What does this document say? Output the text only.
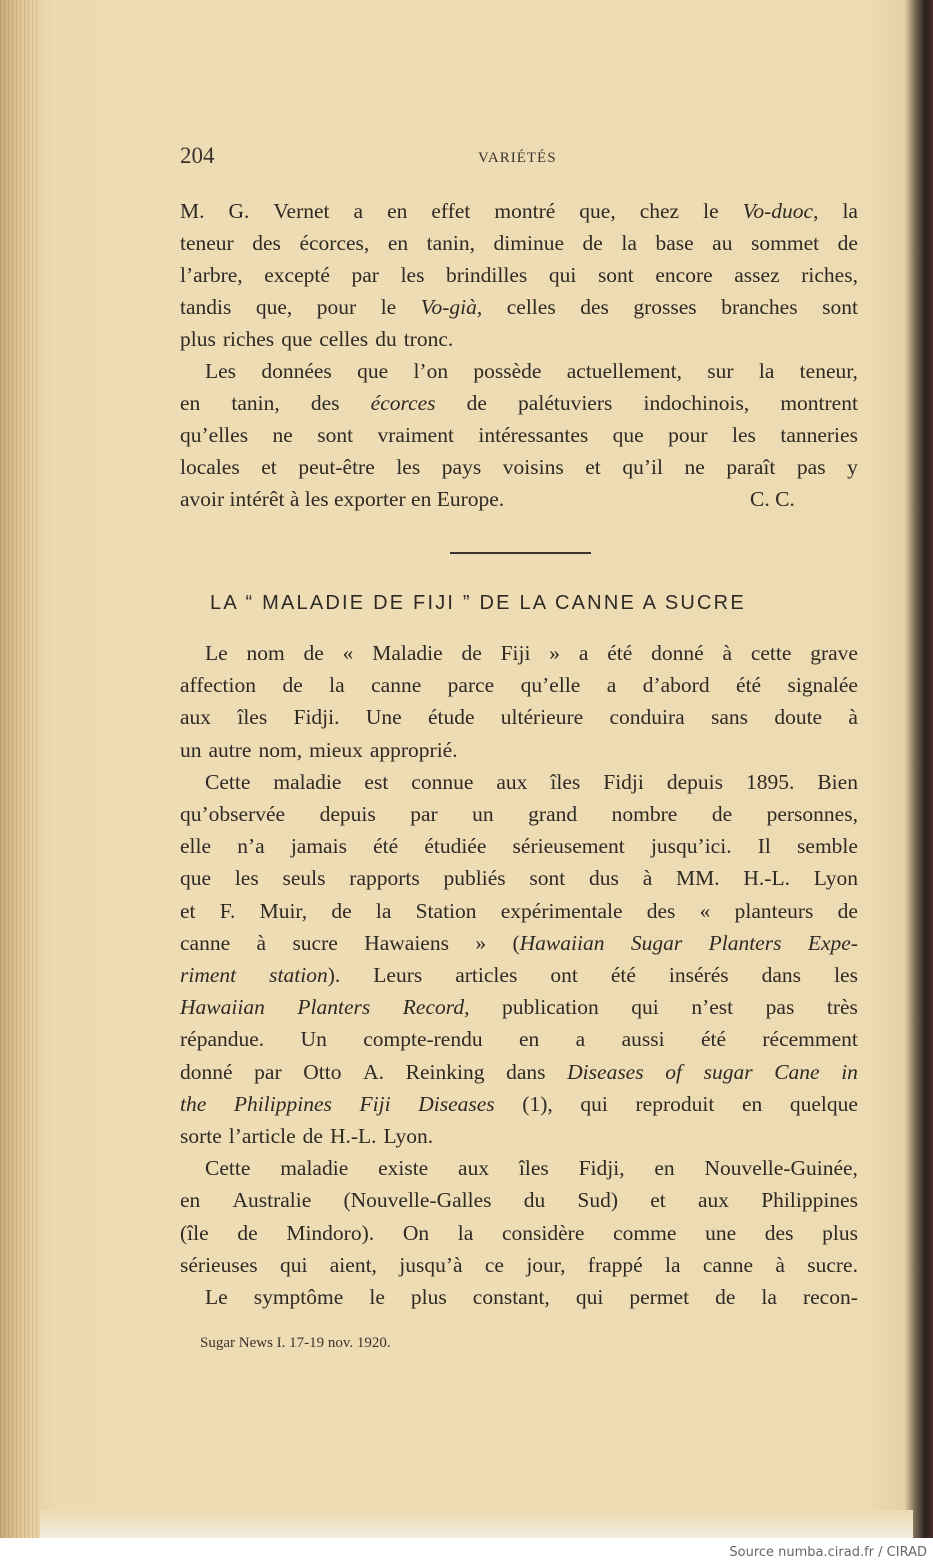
204	VARIÉTÉS
M. G. Vernet a en effet montré que, chez le Vo-duoc, la
teneur des écorces, en tanin, diminue de la base au sommet de
l’arbre, excepté par les brindilles qui sont encore assez riches,
tandis que, pour le Vo-già, celles des grosses branches sont
plus riches que celles du tronc.
Les données que l’on possède actuellement, sur la teneur,
en tanin, des écorces de palétuviers indochinois, montrent
qu’elles ne sont vraiment intéressantes que pour les tanneries
locales et peut-être les pays voisins et qu’il ne paraît pas y
avoir intérêt à les exporter en Europe.	C. C.
LA “ MALADIE DE FIJI ” DE LA CANNE A SUCRE
Le nom de « Maladie de Fiji » a été donné à cette grave
affection de la canne parce qu’elle a d’abord été signalée
aux îles Fidji. Une étude ultérieure conduira sans doute à
un autre nom, mieux approprié.
Cette maladie est connue aux îles Fidji depuis 1895. Bien
qu’observée depuis par un grand nombre de personnes,
elle n’a jamais été étudiée sérieusement jusqu’ici. Il semble
que les seuls rapports publiés sont dus à MM. H.-L. Lyon
et F. Muir, de la Station expérimentale des « planteurs de
canne à sucre Hawaiens » (Hawaiian Sugar Planters Expe-
riment station). Leurs articles ont été insérés dans les
Hawaiian Planters Record, publication qui n’est pas très
répandue. Un compte-rendu en a aussi été récemment
donné par Otto A. Reinking dans Diseases of sugar Cane in
the Philippines Fiji Diseases (1), qui reproduit en quelque
sorte l’article de H.-L. Lyon.
Cette maladie existe aux îles Fidji, en Nouvelle-Guinée,
en Australie (Nouvelle-Galles du Sud) et aux Philippines
(île de Mindoro). On la considère comme une des plus
sérieuses qui aient, jusqu’à ce jour, frappé la canne à sucre.
Le symptôme le plus constant, qui permet de la recon-
Sugar News I. 17-19 nov. 1920.
Source numba.cirad.fr / CIRAD
